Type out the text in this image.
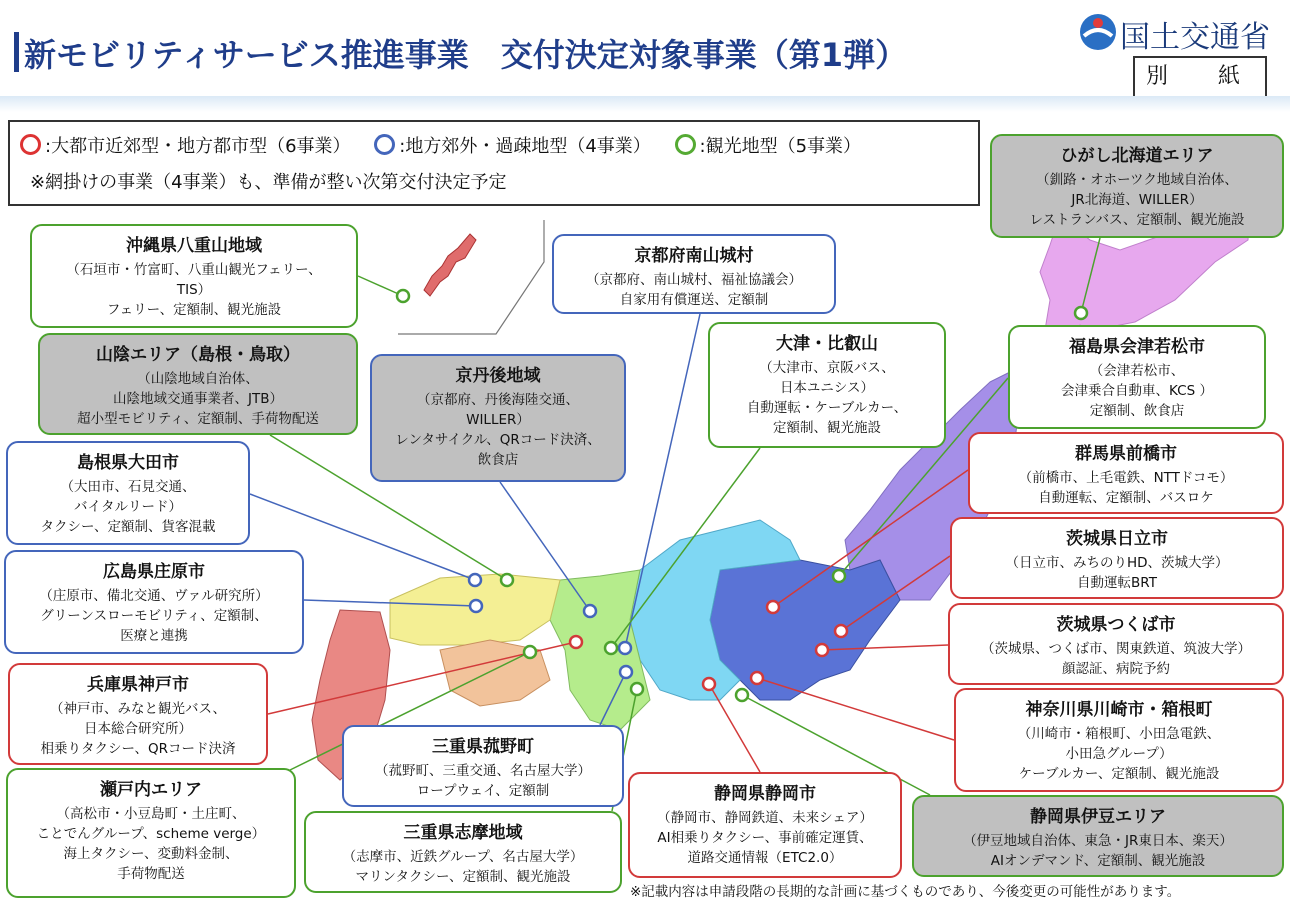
新モビリティサービス推進事業　交付決定対象事業（第1弾）	国土交通省
別　紙
:大都市近郊型・地方都市型（6事業）	:地方郊外・過疎地型（4事業）	:観光地型（5事業）
※網掛けの事業（4事業）も、準備が整い次第交付決定予定
沖縄県八重山地域
（石垣市・竹富町、八重山観光フェリー、
TIS）
フェリー、定額制、観光施設
山陰エリア（島根・鳥取）
（山陰地域自治体、
山陰地域交通事業者、JTB）
超小型モビリティ、定額制、手荷物配送
島根県大田市
（大田市、石見交通、
バイタルリード）
タクシー、定額制、貨客混載
広島県庄原市
（庄原市、備北交通、ヴァル研究所）
グリーンスローモビリティ、定額制、
医療と連携
兵庫県神戸市
（神戸市、みなと観光バス、
日本総合研究所）
相乗りタクシー、QRコード決済
瀬戸内エリア
（高松市・小豆島町・土庄町、
ことでんグループ、scheme verge）
海上タクシー、変動料金制、
手荷物配送
京都府南山城村
（京都府、南山城村、福祉協議会）
自家用有償運送、定額制
京丹後地域
（京都府、丹後海陸交通、
WILLER）
レンタサイクル、QRコード決済、
飲食店
大津・比叡山
（大津市、京阪バス、
日本ユニシス）
自動運転・ケーブルカー、
定額制、観光施設
三重県菰野町
（菰野町、三重交通、名古屋大学）
ロープウェイ、定額制
三重県志摩地域
（志摩市、近鉄グループ、名古屋大学）
マリンタクシー、定額制、観光施設
静岡県静岡市
（静岡市、静岡鉄道、未来シェア）
AI相乗りタクシー、事前確定運賃、
道路交通情報（ETC2.0）
ひがし北海道エリア
（釧路・オホーツク地域自治体、
JR北海道、WILLER）
レストランバス、定額制、観光施設
福島県会津若松市
（会津若松市、
会津乗合自動車、KCS ）
定額制、飲食店
群馬県前橋市
（前橋市、上毛電鉄、NTTドコモ）
自動運転、定額制、バスロケ
茨城県日立市
（日立市、みちのりHD、茨城大学）
自動運転BRT
茨城県つくば市
（茨城県、つくば市、関東鉄道、筑波大学）
顔認証、病院予約
神奈川県川崎市・箱根町
（川崎市・箱根町、小田急電鉄、
小田急グループ）
ケーブルカー、定額制、観光施設
静岡県伊豆エリア
（伊豆地域自治体、東急・JR東日本、楽天）
AIオンデマンド、定額制、観光施設
※記載内容は申請段階の長期的な計画に基づくものであり、今後変更の可能性があります。
